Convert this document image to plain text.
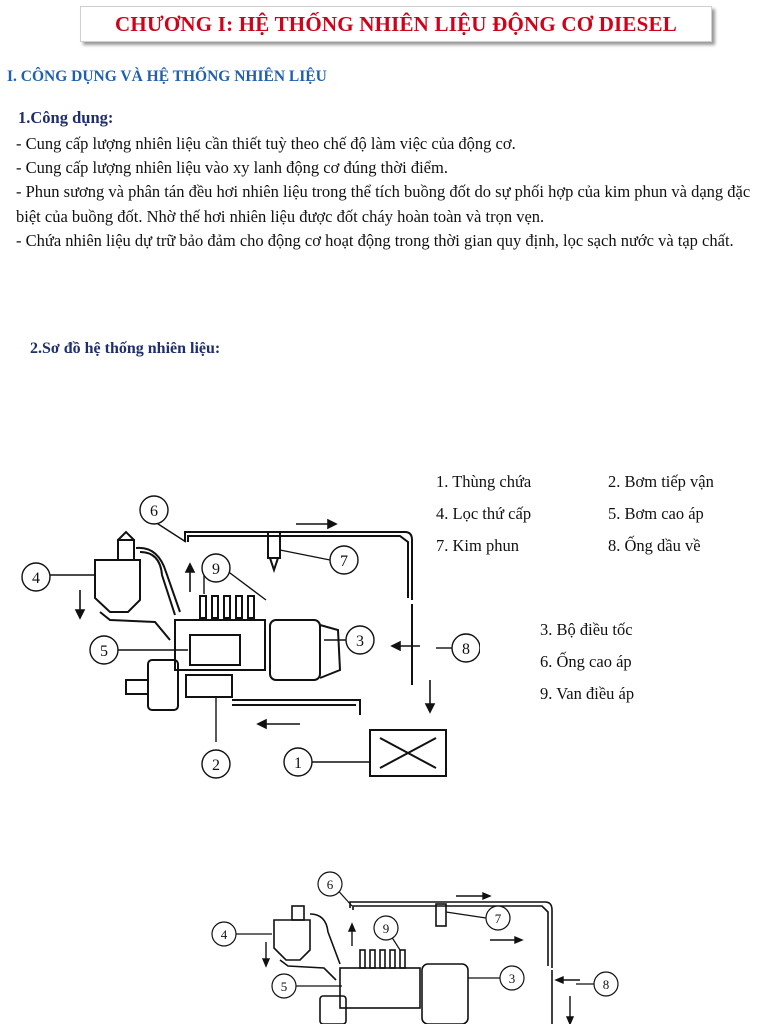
CHƯƠNG I: HỆ THỐNG NHIÊN LIỆU ĐỘNG CƠ DIESEL
I. CÔNG DỤNG VÀ HỆ THỐNG NHIÊN LIỆU
1.Công dụng:

- Cung cấp lượng nhiên liệu cần thiết tuỳ theo chế độ làm việc của động cơ.

- Cung cấp lượng nhiên liệu vào xy lanh động cơ đúng thời điểm.

- Phun sương và phân tán đều hơi nhiên liệu trong thể tích buồng đốt do sự phối hợp của kim phun và dạng đặc biệt của buồng đốt. Nhờ thế hơi nhiên liệu được đốt cháy hoàn toàn và trọn vẹn.

- Chứa nhiên liệu dự trữ bảo đảm cho động cơ hoạt động trong thời gian quy định, lọc sạch nước và tạp chất.

2.Sơ đồ hệ thống nhiên liệu:
1. Thùng chứa	2. Bơm tiếp vận
4. Lọc thứ cấp	5. Bơm cao áp
7. Kim phun	8. Ống dầu về
3. Bộ điều tốc
6. Ống cao áp
9. Van điều áp
4
5
6
9	7
3	8
2	1
4
5
6
9
7
3	8
